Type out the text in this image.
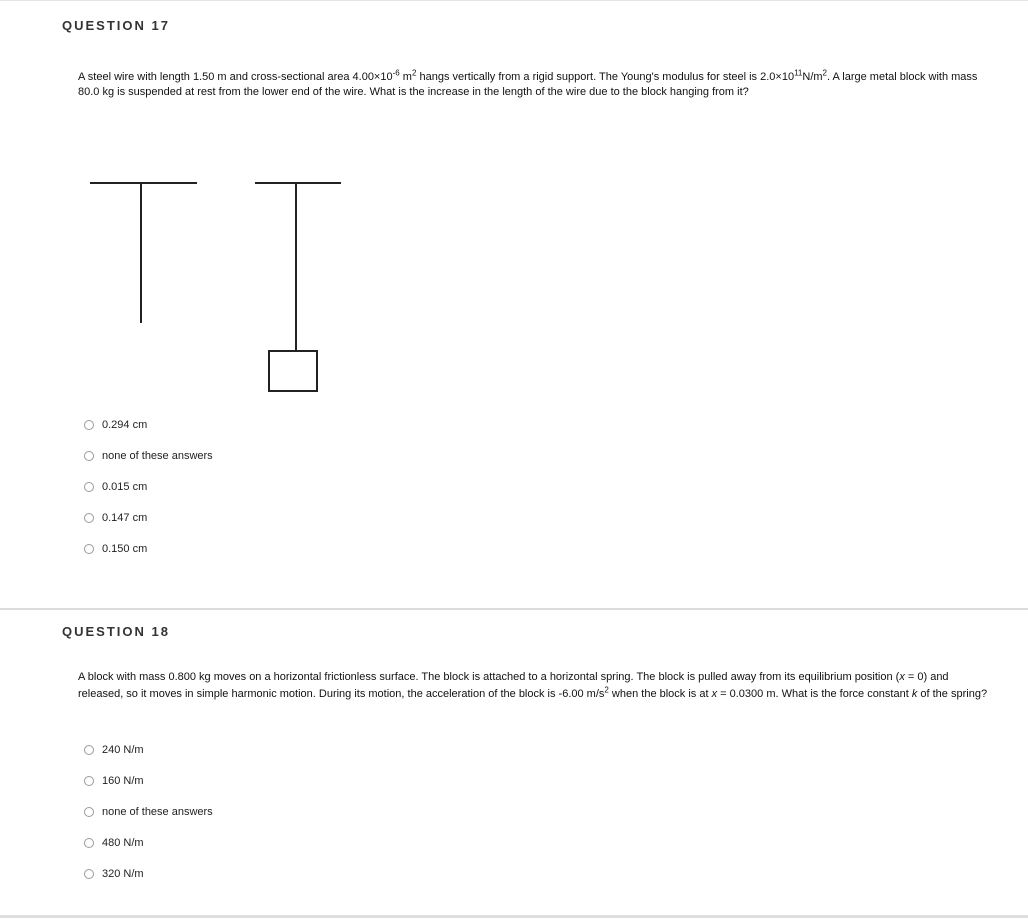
QUESTION 17
A steel wire with length 1.50 m and cross-sectional area $4.00\times 10^{-6}$ $m^2$ hangs vertically from a rigid support. The Young's modulus for steel is $2.0\times 10^{11}N/m^2$. A large metal block with mass 80.0 kg is suspended at rest from the lower end of the wire. What is the increase in the length of the wire due to the block hanging from it?
0.294 cm
none of these answers
0.015 cm
0.147 cm
0.150 cm
QUESTION 18
A block with mass 0.800 kg moves on a horizontal frictionless surface. The block is attached to a horizontal spring. The block is pulled away from its equilibrium position (x = 0) and released, so it moves in simple harmonic motion. During its motion, the acceleration of the block is -6.00 $m/s^2$ when the block is at x = 0.0300 m. What is the force constant k of the spring?
240 N/m
160 N/m
none of these answers
480 N/m
320 N/m
